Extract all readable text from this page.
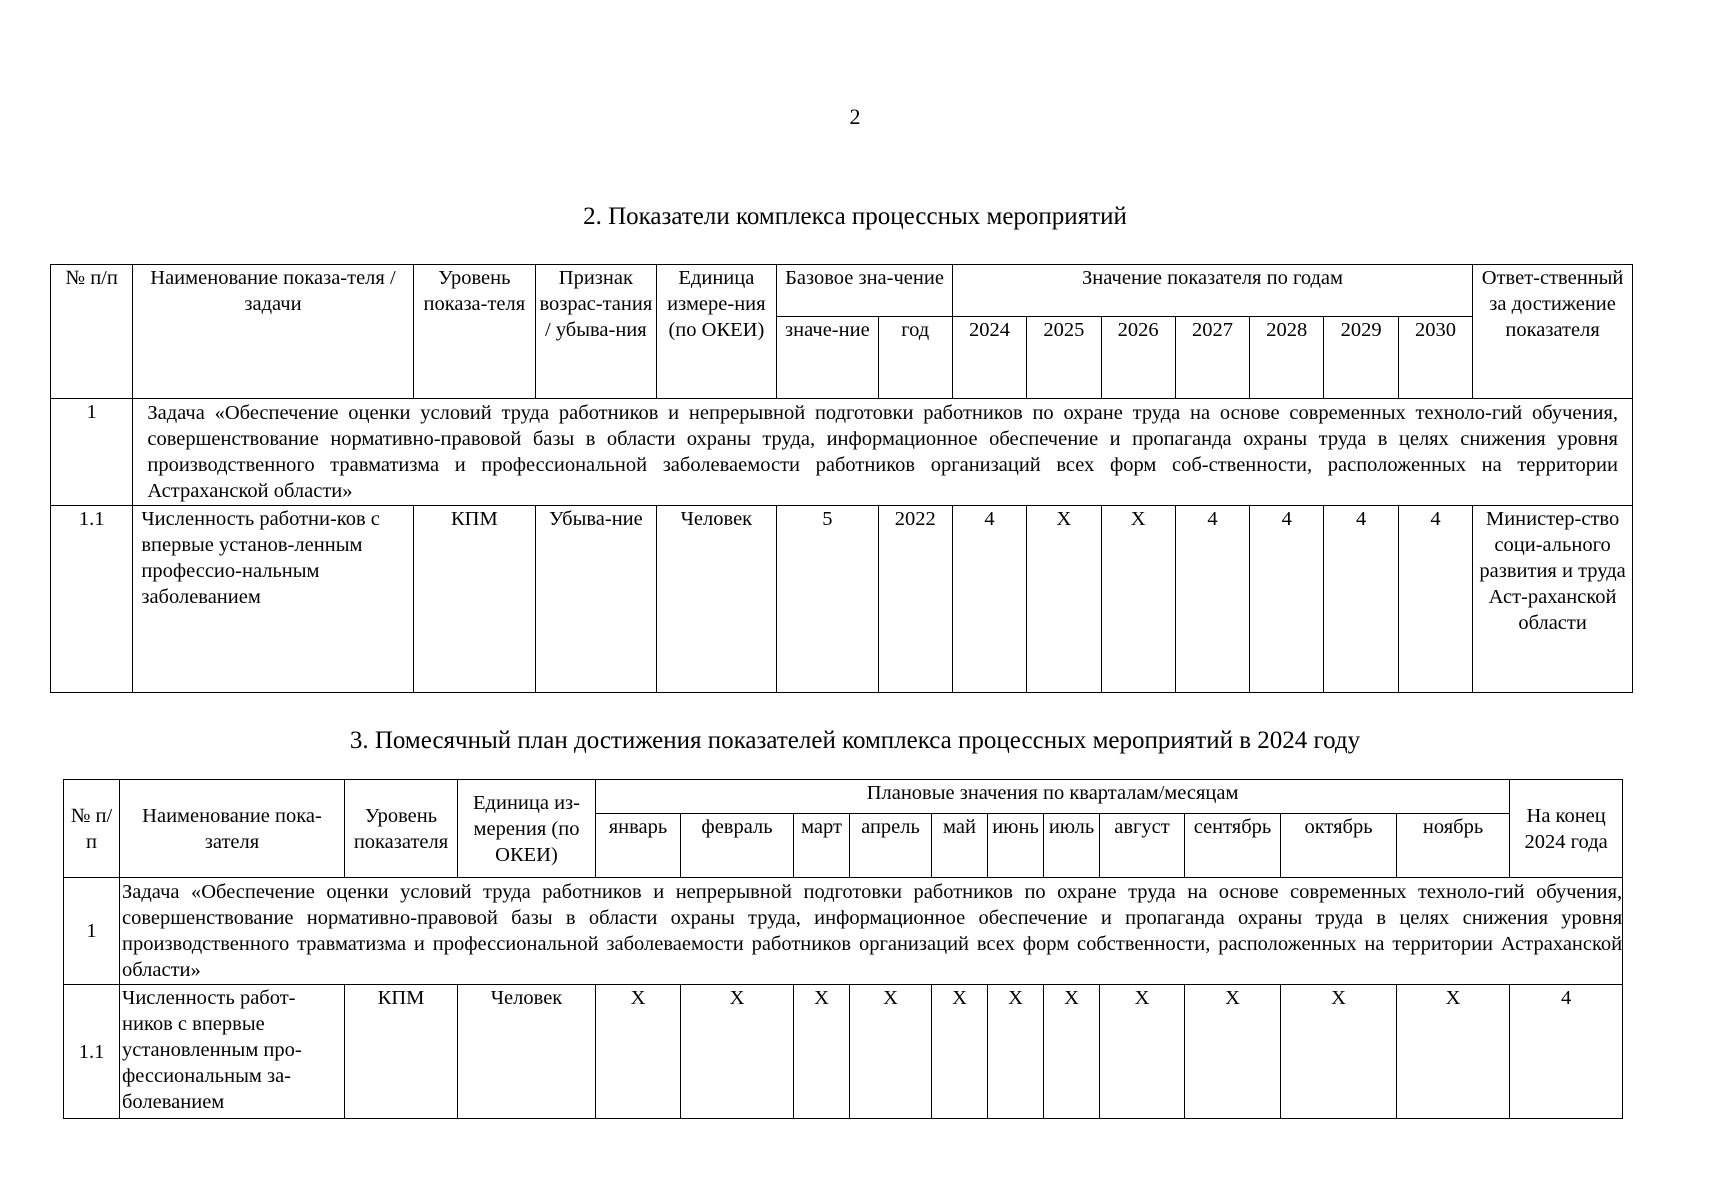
2
2. Показатели комплекса процессных мероприятий
№ п/п	Наименование показа-теля / задачи	Уровень показа-теля	Признак возрас-тания / убыва-ния	Единица измере-ния (по ОКЕИ)	Базовое зна-чение		Значение показателя по годам							Ответ-ственный за достижение показателя
					значе-ние	год	2024	2025	2026	2027	2028	2029	2030	
1	Задача «Обеспечение оценки условий труда работников и непрерывной подготовки работников по охране труда на основе современных техноло-гий обучения, совершенствование нормативно-правовой базы в области охраны труда, информационное обеспечение и пропаганда охраны труда в целях снижения уровня производственного травматизма и профессиональной заболеваемости работников организаций всех форм соб-ственности, расположенных на территории Астраханской области»													
1.1	Численность работни-ков с впервые установ-ленным профессио-нальным заболеванием	КПМ	Убыва-ние	Человек	5	2022	4	X	X	4	4	4	4	Министер-ство соци-ального развития и труда Аст-раханской области
3. Помесячный план достижения показателей комплекса процессных мероприятий в 2024 году
№ п/п	Наименование пока-зателя	Уровень показателя	Единица из-мерения (по ОКЕИ)	Плановые значения по кварталам/месяцам											На конец 2024 года
				январь	февраль	март	апрель	май	июнь	июль	август	сентябрь	октябрь	ноябрь	
1	Задача «Обеспечение оценки условий труда работников и непрерывной подготовки работников по охране труда на основе современных техноло-гий обучения, совершенствование нормативно-правовой базы в области охраны труда, информационное обеспечение и пропаганда охраны труда в целях снижения уровня производственного травматизма и профессиональной заболеваемости работников организаций всех форм собственности, расположенных на территории Астраханской области»														
1.1	Численность работ-ников с впервые установленным про-фессиональным за-болеванием	КПМ	Человек	X	X	X	X	X	X	X	X	X	X	X	4
